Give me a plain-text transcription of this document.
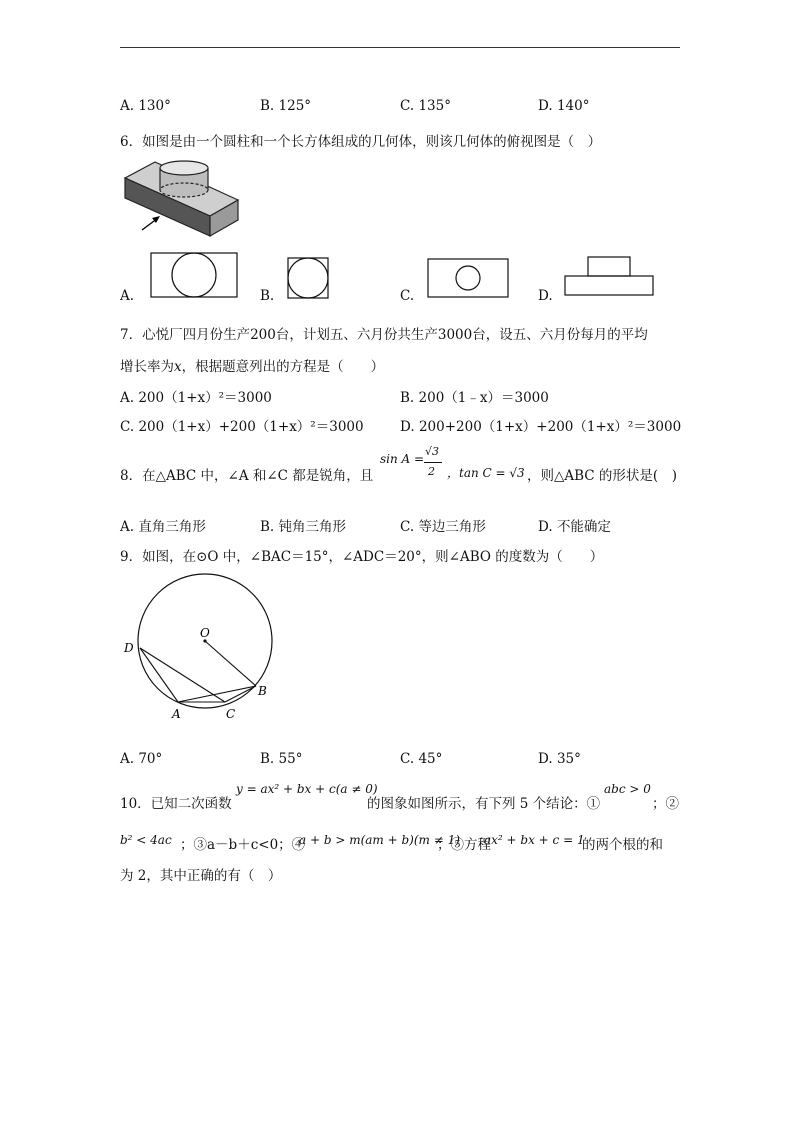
A. 130°	B. 125°	C. 135°	D. 140°
6．如图是由一个圆柱和一个长方体组成的几何体，则该几何体的俯视图是（　）
A.	B.	C.	D.
7．心悦厂四月份生产200台，计划五、六月份共生产3000台，设五、六月份每月的平均
增长率为x，根据题意列出的方程是（　　）
A. 200（1+x）²＝3000	B. 200（1﹣x）＝3000
C. 200（1+x）+200（1+x）²＝3000	D. 200+200（1+x）+200（1+x）²＝3000
8．在△ABC 中，∠A 和∠C 都是锐角，且
sin A =
√3
2 ，tan C = √3 ，则△ABC 的形状是(　)
A. 直角三角形	B. 钝角三角形	C. 等边三角形	D. 不能确定
9．如图，在⊙O 中，∠BAC＝15°，∠ADC＝20°，则∠ABO 的度数为（　　）
O
D
B
A	C
A. 70°	B. 55°	C. 45°	D. 35°
10．已知二次函数
y = ax² + bx + c(a ≠ 0)
的图象如图所示，有下列 5 个结论：①
abc > 0
；②
b² < 4ac ；③a－b＋c<0；④
a + b > m(am + b)(m ≠ 1)
；⑤方程
ax² + bx + c = 1
的两个根的和
为 2，其中正确的有（　）
